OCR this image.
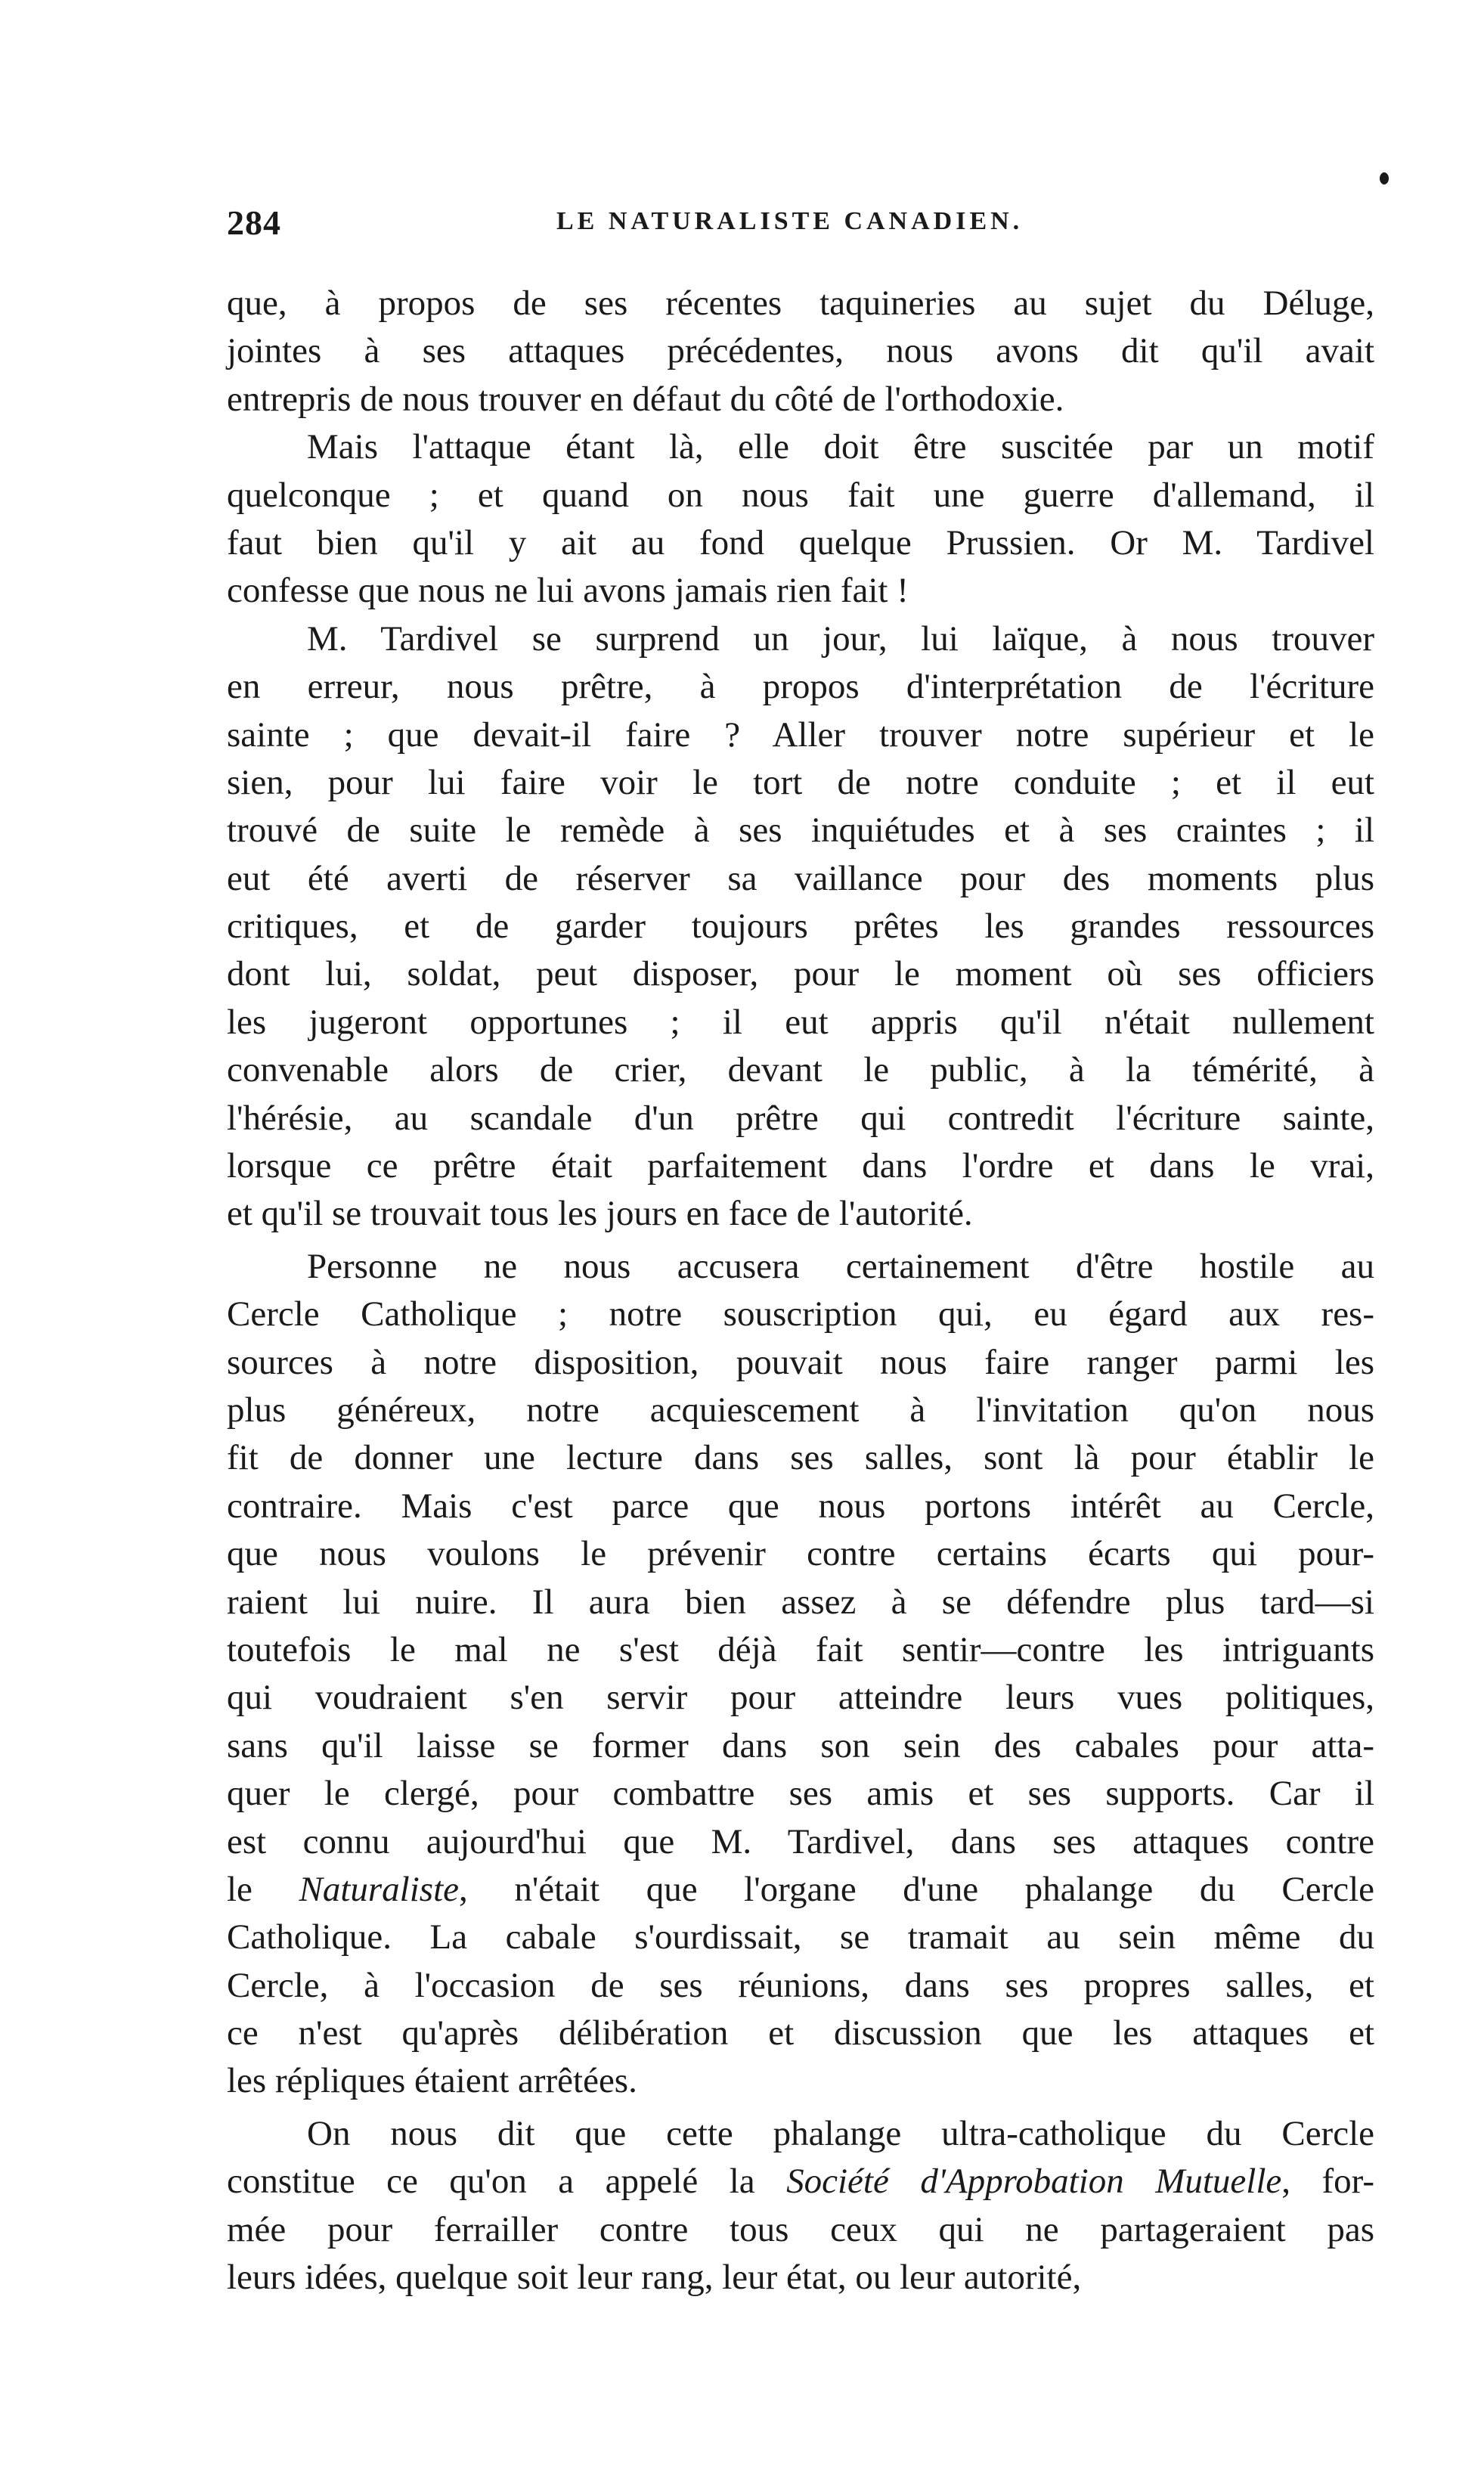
284	LE NATURALISTE CANADIEN.
que, à propos de ses récentes taquineries au sujet du Déluge,
jointes à ses attaques précédentes, nous avons dit qu'il avait
entrepris de nous trouver en défaut du côté de l'orthodoxie.
Mais l'attaque étant là, elle doit être suscitée par un motif
quelconque ; et quand on nous fait une guerre d'allemand, il
faut bien qu'il y ait au fond quelque Prussien. Or M. Tardivel
confesse que nous ne lui avons jamais rien fait !
M. Tardivel se surprend un jour, lui laïque, à nous trouver
en erreur, nous prêtre, à propos d'interprétation de l'écriture
sainte ; que devait-il faire ? Aller trouver notre supérieur et le
sien, pour lui faire voir le tort de notre conduite ; et il eut
trouvé de suite le remède à ses inquiétudes et à ses craintes ; il
eut été averti de réserver sa vaillance pour des moments plus
critiques, et de garder toujours prêtes les grandes ressources
dont lui, soldat, peut disposer, pour le moment où ses officiers
les jugeront opportunes ; il eut appris qu'il n'était nullement
convenable alors de crier, devant le public, à la témérité, à
l'hérésie, au scandale d'un prêtre qui contredit l'écriture sainte,
lorsque ce prêtre était parfaitement dans l'ordre et dans le vrai,
et qu'il se trouvait tous les jours en face de l'autorité.
Personne ne nous accusera certainement d'être hostile au
Cercle Catholique ; notre souscription qui, eu égard aux res-
sources à notre disposition, pouvait nous faire ranger parmi les
plus généreux, notre acquiescement à l'invitation qu'on nous
fit de donner une lecture dans ses salles, sont là pour établir le
contraire. Mais c'est parce que nous portons intérêt au Cercle,
que nous voulons le prévenir contre certains écarts qui pour-
raient lui nuire. Il aura bien assez à se défendre plus tard—si
toutefois le mal ne s'est déjà fait sentir—contre les intriguants
qui voudraient s'en servir pour atteindre leurs vues politiques,
sans qu'il laisse se former dans son sein des cabales pour atta-
quer le clergé, pour combattre ses amis et ses supports. Car il
est connu aujourd'hui que M. Tardivel, dans ses attaques contre
le Naturaliste, n'était que l'organe d'une phalange du Cercle
Catholique. La cabale s'ourdissait, se tramait au sein même du
Cercle, à l'occasion de ses réunions, dans ses propres salles, et
ce n'est qu'après délibération et discussion que les attaques et
les répliques étaient arrêtées.
On nous dit que cette phalange ultra-catholique du Cercle
constitue ce qu'on a appelé la Société d'Approbation Mutuelle, for-
mée pour ferrailler contre tous ceux qui ne partageraient pas
leurs idées, quelque soit leur rang, leur état, ou leur autorité,
